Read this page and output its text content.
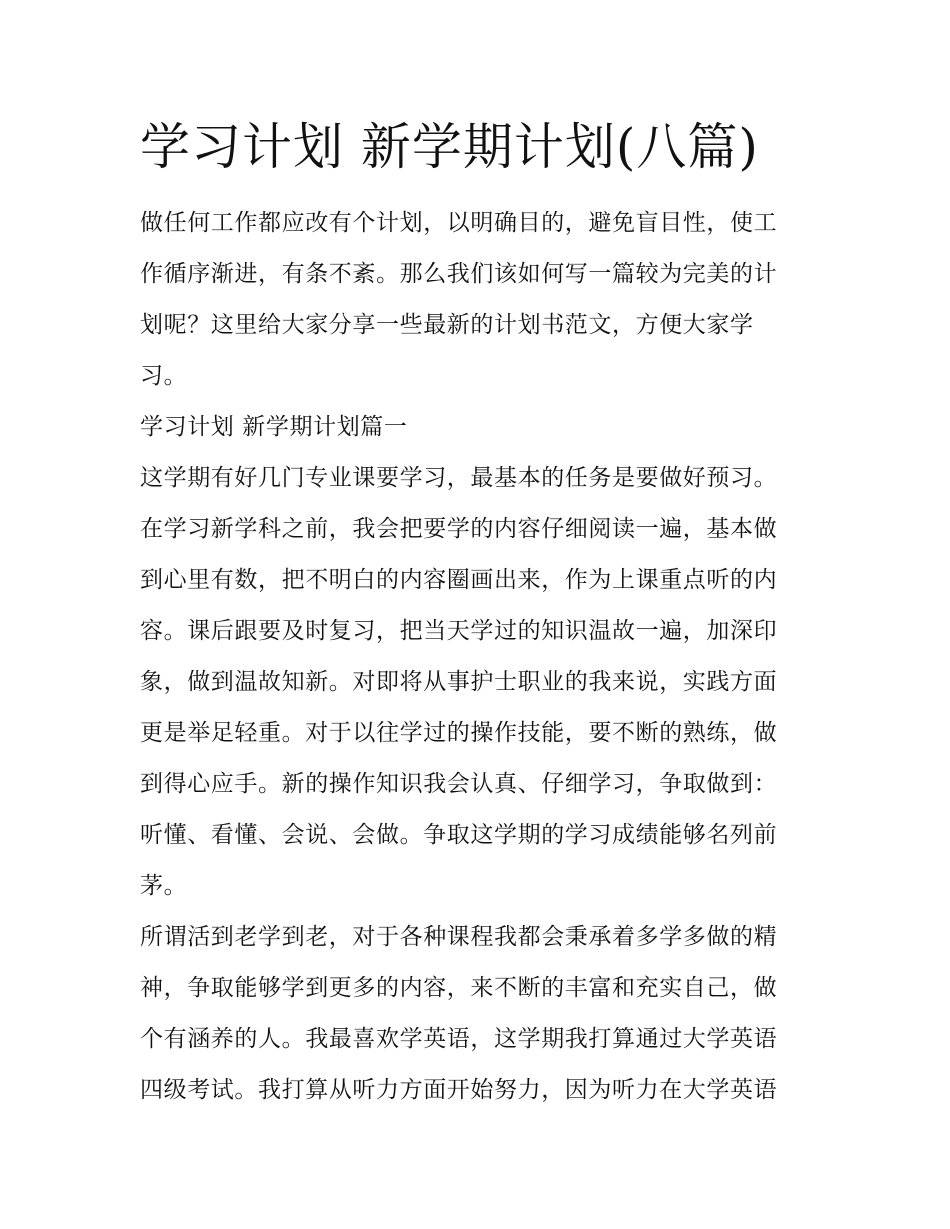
学习计划 新学期计划(八篇)
做任何工作都应改有个计划，以明确目的，避免盲目性，使工
作循序渐进，有条不紊。那么我们该如何写一篇较为完美的计
划呢？这里给大家分享一些最新的计划书范文，方便大家学
习。
学习计划 新学期计划篇一
这学期有好几门专业课要学习，最基本的任务是要做好预习。
在学习新学科之前，我会把要学的内容仔细阅读一遍，基本做
到心里有数，把不明白的内容圈画出来，作为上课重点听的内
容。课后跟要及时复习，把当天学过的知识温故一遍，加深印
象，做到温故知新。对即将从事护士职业的我来说，实践方面
更是举足轻重。对于以往学过的操作技能，要不断的熟练，做
到得心应手。新的操作知识我会认真、仔细学习，争取做到：
听懂、看懂、会说、会做。争取这学期的学习成绩能够名列前
茅。
所谓活到老学到老，对于各种课程我都会秉承着多学多做的精
神，争取能够学到更多的内容，来不断的丰富和充实自己，做
个有涵养的人。我最喜欢学英语，这学期我打算通过大学英语
四级考试。我打算从听力方面开始努力，因为听力在大学英语
